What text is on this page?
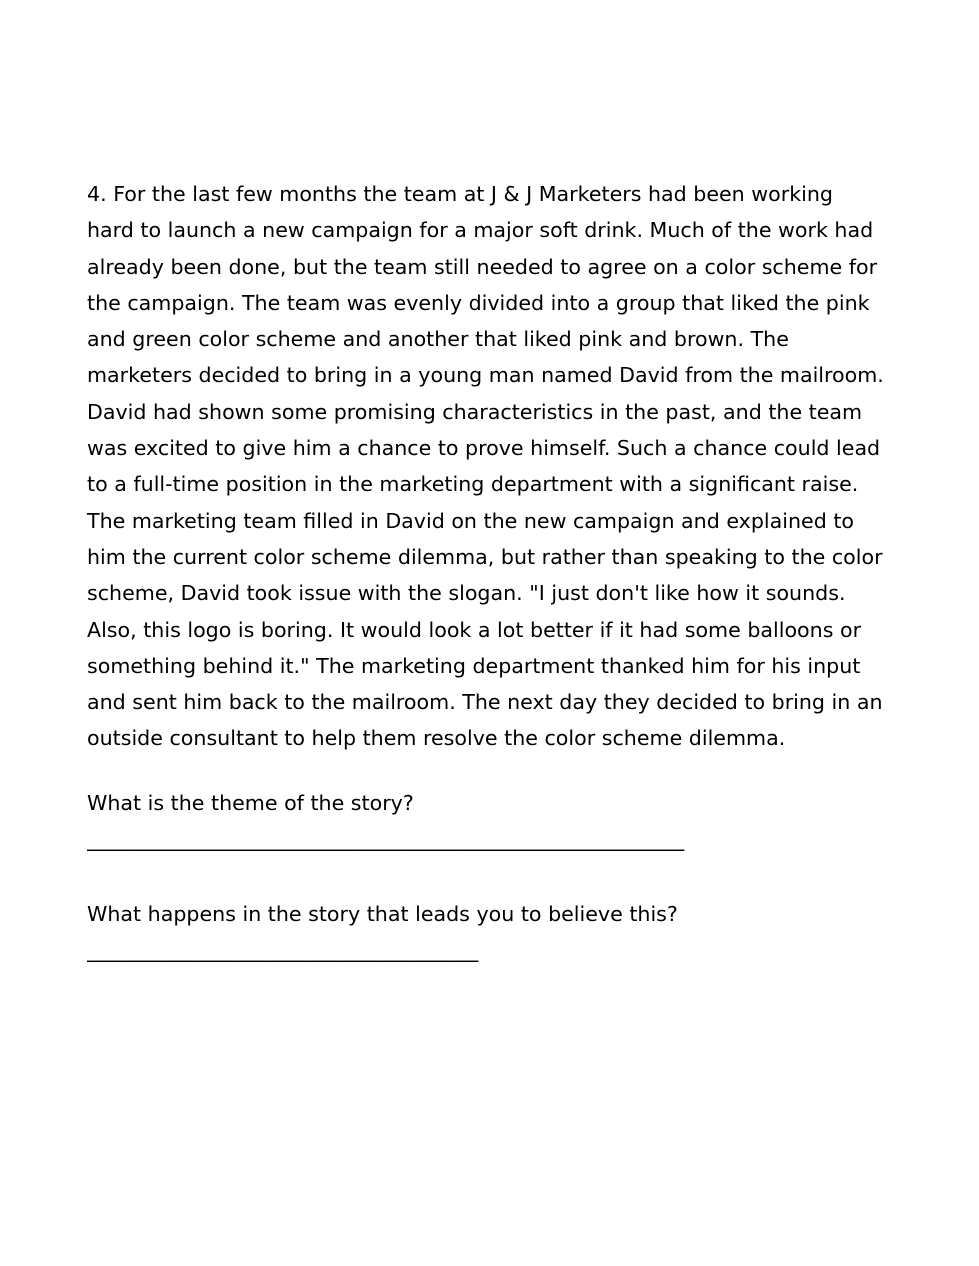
4. For the last few months the team at J & J Marketers had been working
hard to launch a new campaign for a major soft drink. Much of the work had
already been done, but the team still needed to agree on a color scheme for
the campaign. The team was evenly divided into a group that liked the pink
and green color scheme and another that liked pink and brown. The
marketers decided to bring in a young man named David from the mailroom.
David had shown some promising characteristics in the past, and the team
was excited to give him a chance to prove himself. Such a chance could lead
to a full-time position in the marketing department with a significant raise.
The marketing team filled in David on the new campaign and explained to
him the current color scheme dilemma, but rather than speaking to the color
scheme, David took issue with the slogan. "I just don't like how it sounds.
Also, this logo is boring. It would look a lot better if it had some balloons or
something behind it." The marketing department thanked him for his input
and sent him back to the mailroom. The next day they decided to bring in an
outside consultant to help them resolve the color scheme dilemma.

What is the theme of the story?

__________________________________________________________

What happens in the story that leads you to believe this?

______________________________________
